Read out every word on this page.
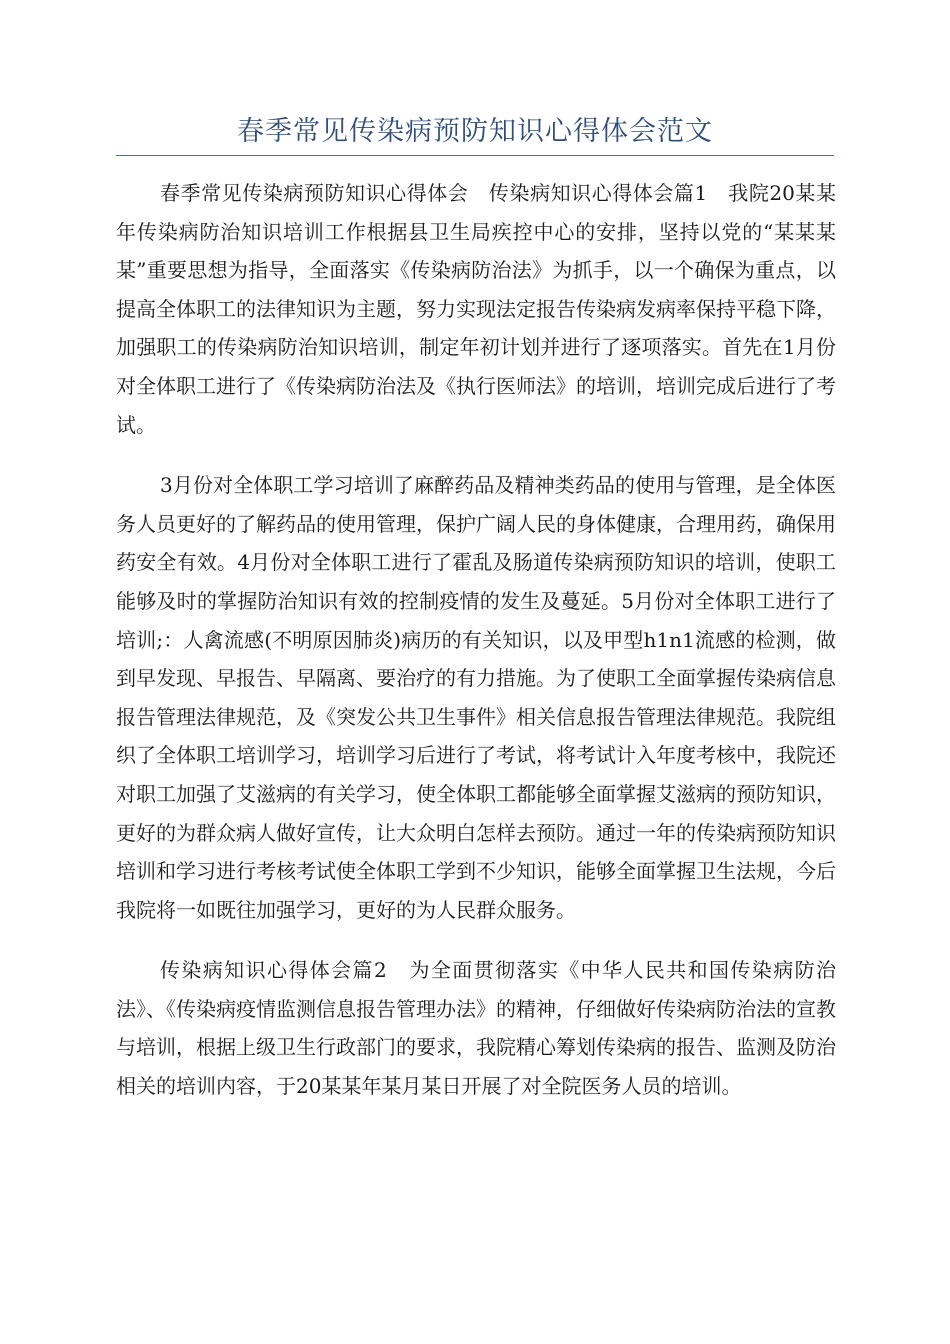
春季常见传染病预防知识心得体会范文

春季常见传染病预防知识心得体会　传染病知识心得体会篇1　我院20某某年传染病防治知识培训工作根据县卫生局疾控中心的安排，坚持以党的“某某某某”重要思想为指导，全面落实《传染病防治法》为抓手，以一个确保为重点，以提高全体职工的法律知识为主题，努力实现法定报告传染病发病率保持平稳下降，加强职工的传染病防治知识培训，制定年初计划并进行了逐项落实。首先在1月份对全体职工进行了《传染病防治法及《执行医师法》的培训，培训完成后进行了考试。

3月份对全体职工学习培训了麻醉药品及精神类药品的使用与管理，是全体医务人员更好的了解药品的使用管理，保护广阔人民的身体健康，合理用药，确保用药安全有效。4月份对全体职工进行了霍乱及肠道传染病预防知识的培训，使职工能够及时的掌握防治知识有效的控制疫情的发生及蔓延。5月份对全体职工进行了培训;：人禽流感(不明原因肺炎)病历的有关知识，以及甲型h1n1流感的检测，做到早发现、早报告、早隔离、要治疗的有力措施。为了使职工全面掌握传染病信息报告管理法律规范，及《突发公共卫生事件》相关信息报告管理法律规范。我院组织了全体职工培训学习，培训学习后进行了考试，将考试计入年度考核中，我院还对职工加强了艾滋病的有关学习，使全体职工都能够全面掌握艾滋病的预防知识，更好的为群众病人做好宣传，让大众明白怎样去预防。通过一年的传染病预防知识培训和学习进行考核考试使全体职工学到不少知识，能够全面掌握卫生法规，今后我院将一如既往加强学习，更好的为人民群众服务。

传染病知识心得体会篇2　为全面贯彻落实《中华人民共和国传染病防治法》、《传染病疫情监测信息报告管理办法》的精神，仔细做好传染病防治法的宣教与培训，根据上级卫生行政部门的要求，我院精心筹划传染病的报告、监测及防治相关的培训内容，于20某某年某月某日开展了对全院医务人员的培训。
